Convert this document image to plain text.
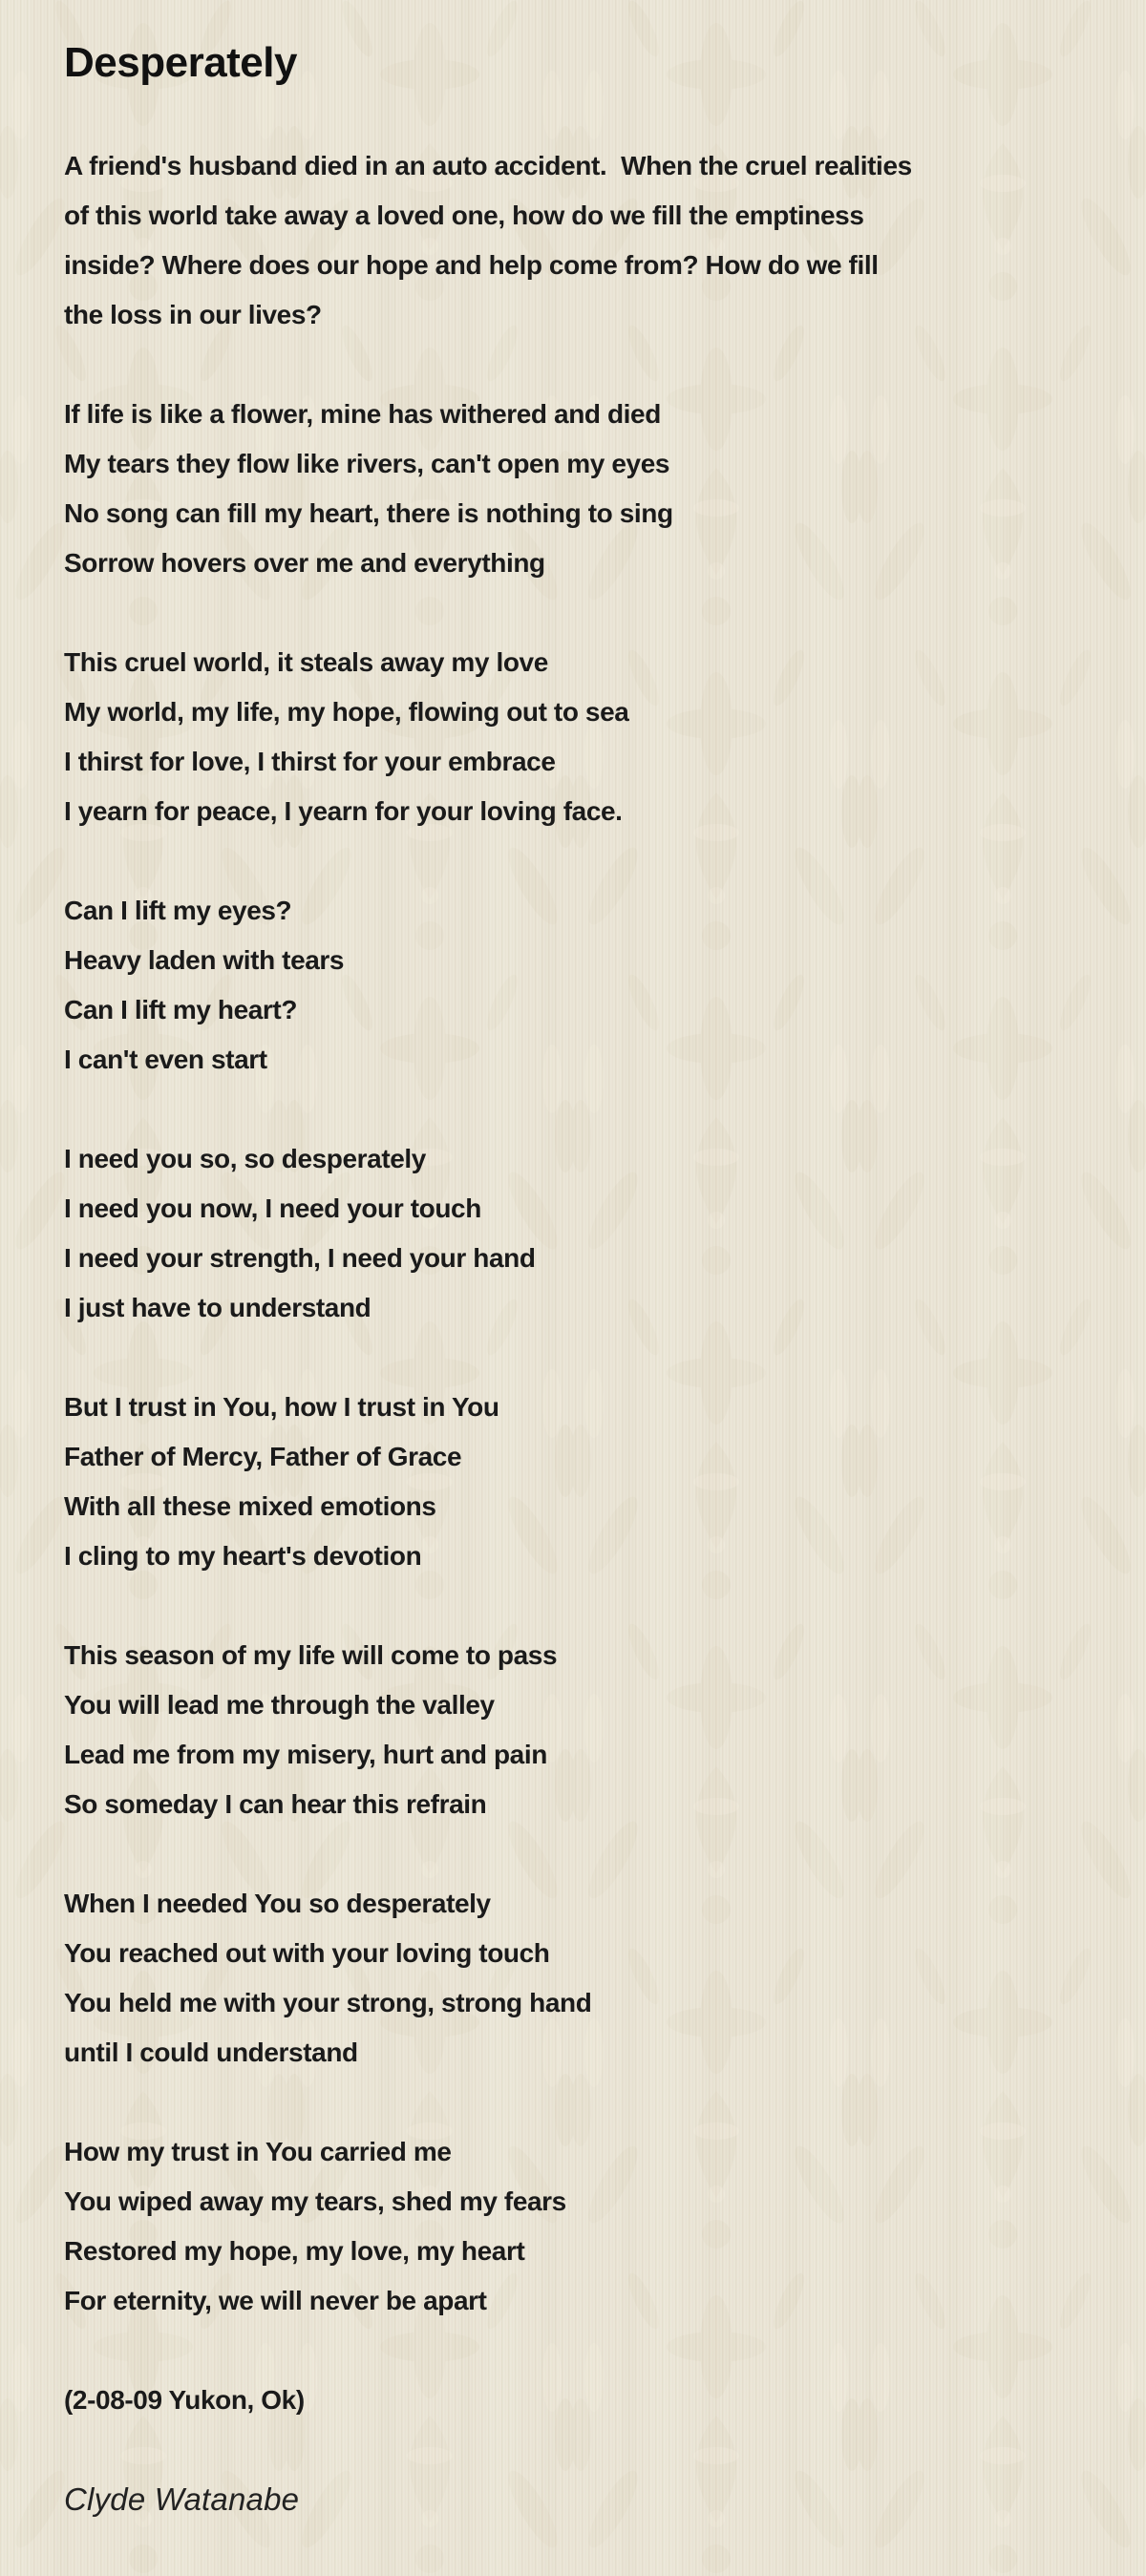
Desperately

A friend's husband died in an auto accident.  When the cruel realities

of this world take away a loved one, how do we fill the emptiness

inside? Where does our hope and help come from? How do we fill

the loss in our lives?

If life is like a flower, mine has withered and died

My tears they flow like rivers, can't open my eyes

No song can fill my heart, there is nothing to sing

Sorrow hovers over me and everything

This cruel world, it steals away my love

My world, my life, my hope, flowing out to sea

I thirst for love, I thirst for your embrace

I yearn for peace, I yearn for your loving face.

Can I lift my eyes?

Heavy laden with tears

Can I lift my heart?

I can't even start

I need you so, so desperately

I need you now, I need your touch

I need your strength, I need your hand

I just have to understand

But I trust in You, how I trust in You

Father of Mercy, Father of Grace

With all these mixed emotions

I cling to my heart's devotion

This season of my life will come to pass

You will lead me through the valley

Lead me from my misery, hurt and pain

So someday I can hear this refrain

When I needed You so desperately

You reached out with your loving touch

You held me with your strong, strong hand

until I could understand

How my trust in You carried me

You wiped away my tears, shed my fears

Restored my hope, my love, my heart

For eternity, we will never be apart

(2-08-09 Yukon, Ok)

Clyde Watanabe
